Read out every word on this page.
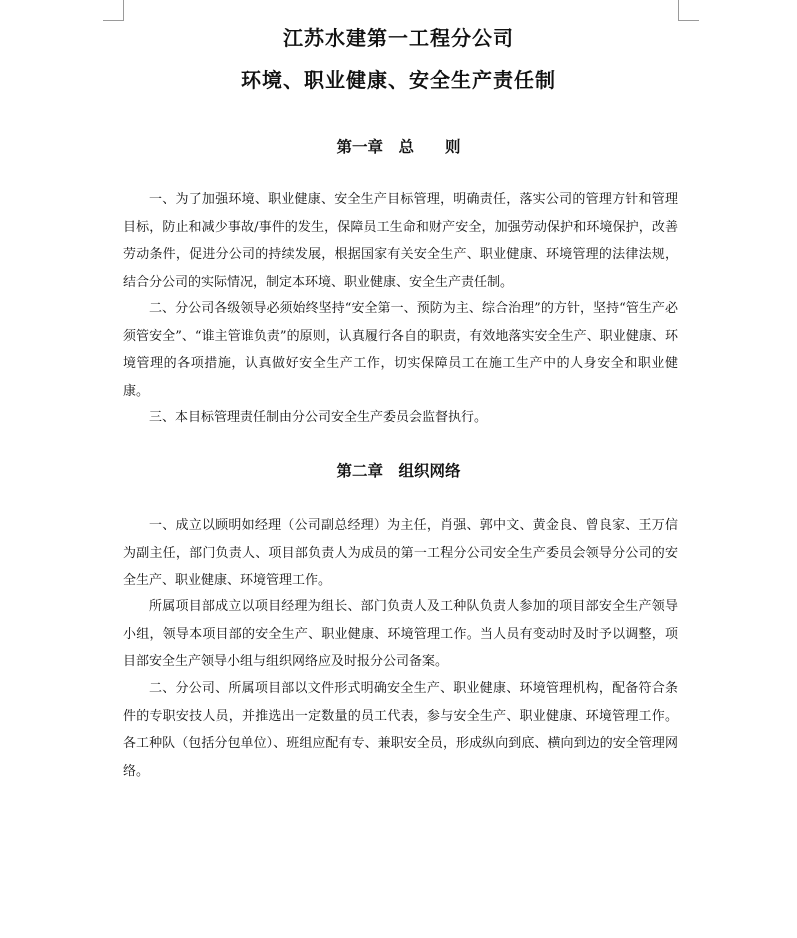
江苏水建第一工程分公司
环境、职业健康、安全生产责任制
第一章　总　　则

一、为了加强环境、职业健康、安全生产目标管理，明确责任，落实公司的管理方针和管理目标，防止和减少事故/事件的发生，保障员工生命和财产安全，加强劳动保护和环境保护，改善劳动条件，促进分公司的持续发展，根据国家有关安全生产、职业健康、环境管理的法律法规，结合分公司的实际情况，制定本环境、职业健康、安全生产责任制。

二、分公司各级领导必须始终坚持“安全第一、预防为主、综合治理”的方针，坚持“管生产必须管安全”、“谁主管谁负责”的原则，认真履行各自的职责，有效地落实安全生产、职业健康、环境管理的各项措施，认真做好安全生产工作，切实保障员工在施工生产中的人身安全和职业健康。

三、本目标管理责任制由分公司安全生产委员会监督执行。

第二章　组织网络

一、成立以顾明如经理（公司副总经理）为主任，肖强、郭中文、黄金良、曾良家、王万信为副主任，部门负责人、项目部负责人为成员的第一工程分公司安全生产委员会领导分公司的安全生产、职业健康、环境管理工作。

所属项目部成立以项目经理为组长、部门负责人及工种队负责人参加的项目部安全生产领导小组，领导本项目部的安全生产、职业健康、环境管理工作。当人员有变动时及时予以调整，项目部安全生产领导小组与组织网络应及时报分公司备案。

二、分公司、所属项目部以文件形式明确安全生产、职业健康、环境管理机构，配备符合条件的专职安技人员，并推选出一定数量的员工代表，参与安全生产、职业健康、环境管理工作。各工种队（包括分包单位）、班组应配有专、兼职安全员，形成纵向到底、横向到边的安全管理网络。
